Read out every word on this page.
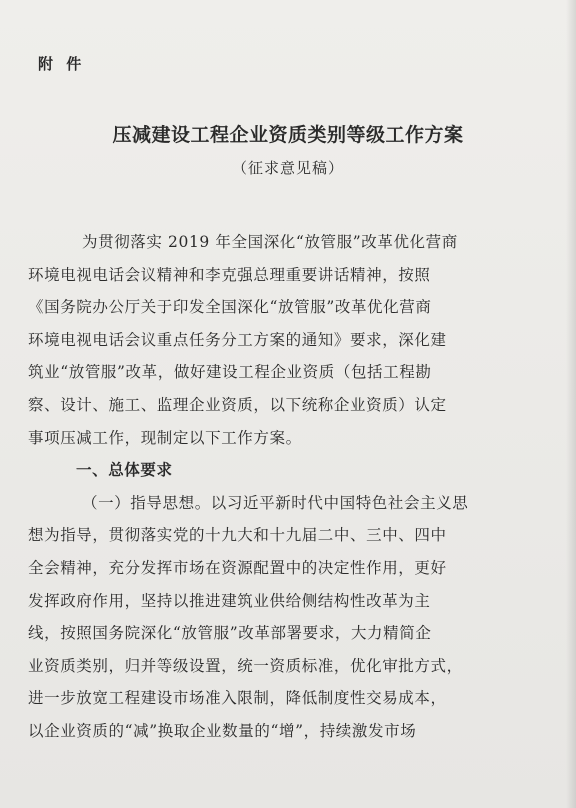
附 件
压减建设工程企业资质类别等级工作方案
（征求意见稿）
为贯彻落实 2019 年全国深化“放管服”改革优化营商
环境电视电话会议精神和李克强总理重要讲话精神，按照
《国务院办公厅关于印发全国深化“放管服”改革优化营商
环境电视电话会议重点任务分工方案的通知》要求，深化建
筑业“放管服”改革，做好建设工程企业资质（包括工程勘
察、设计、施工、监理企业资质，以下统称企业资质）认定
事项压减工作，现制定以下工作方案。
一、总体要求
（一）指导思想。以习近平新时代中国特色社会主义思
想为指导，贯彻落实党的十九大和十九届二中、三中、四中
全会精神，充分发挥市场在资源配置中的决定性作用，更好
发挥政府作用，坚持以推进建筑业供给侧结构性改革为主
线，按照国务院深化“放管服”改革部署要求，大力精简企
业资质类别，归并等级设置，统一资质标准，优化审批方式，
进一步放宽工程建设市场准入限制，降低制度性交易成本，
以企业资质的“减”换取企业数量的“增”，持续激发市场
